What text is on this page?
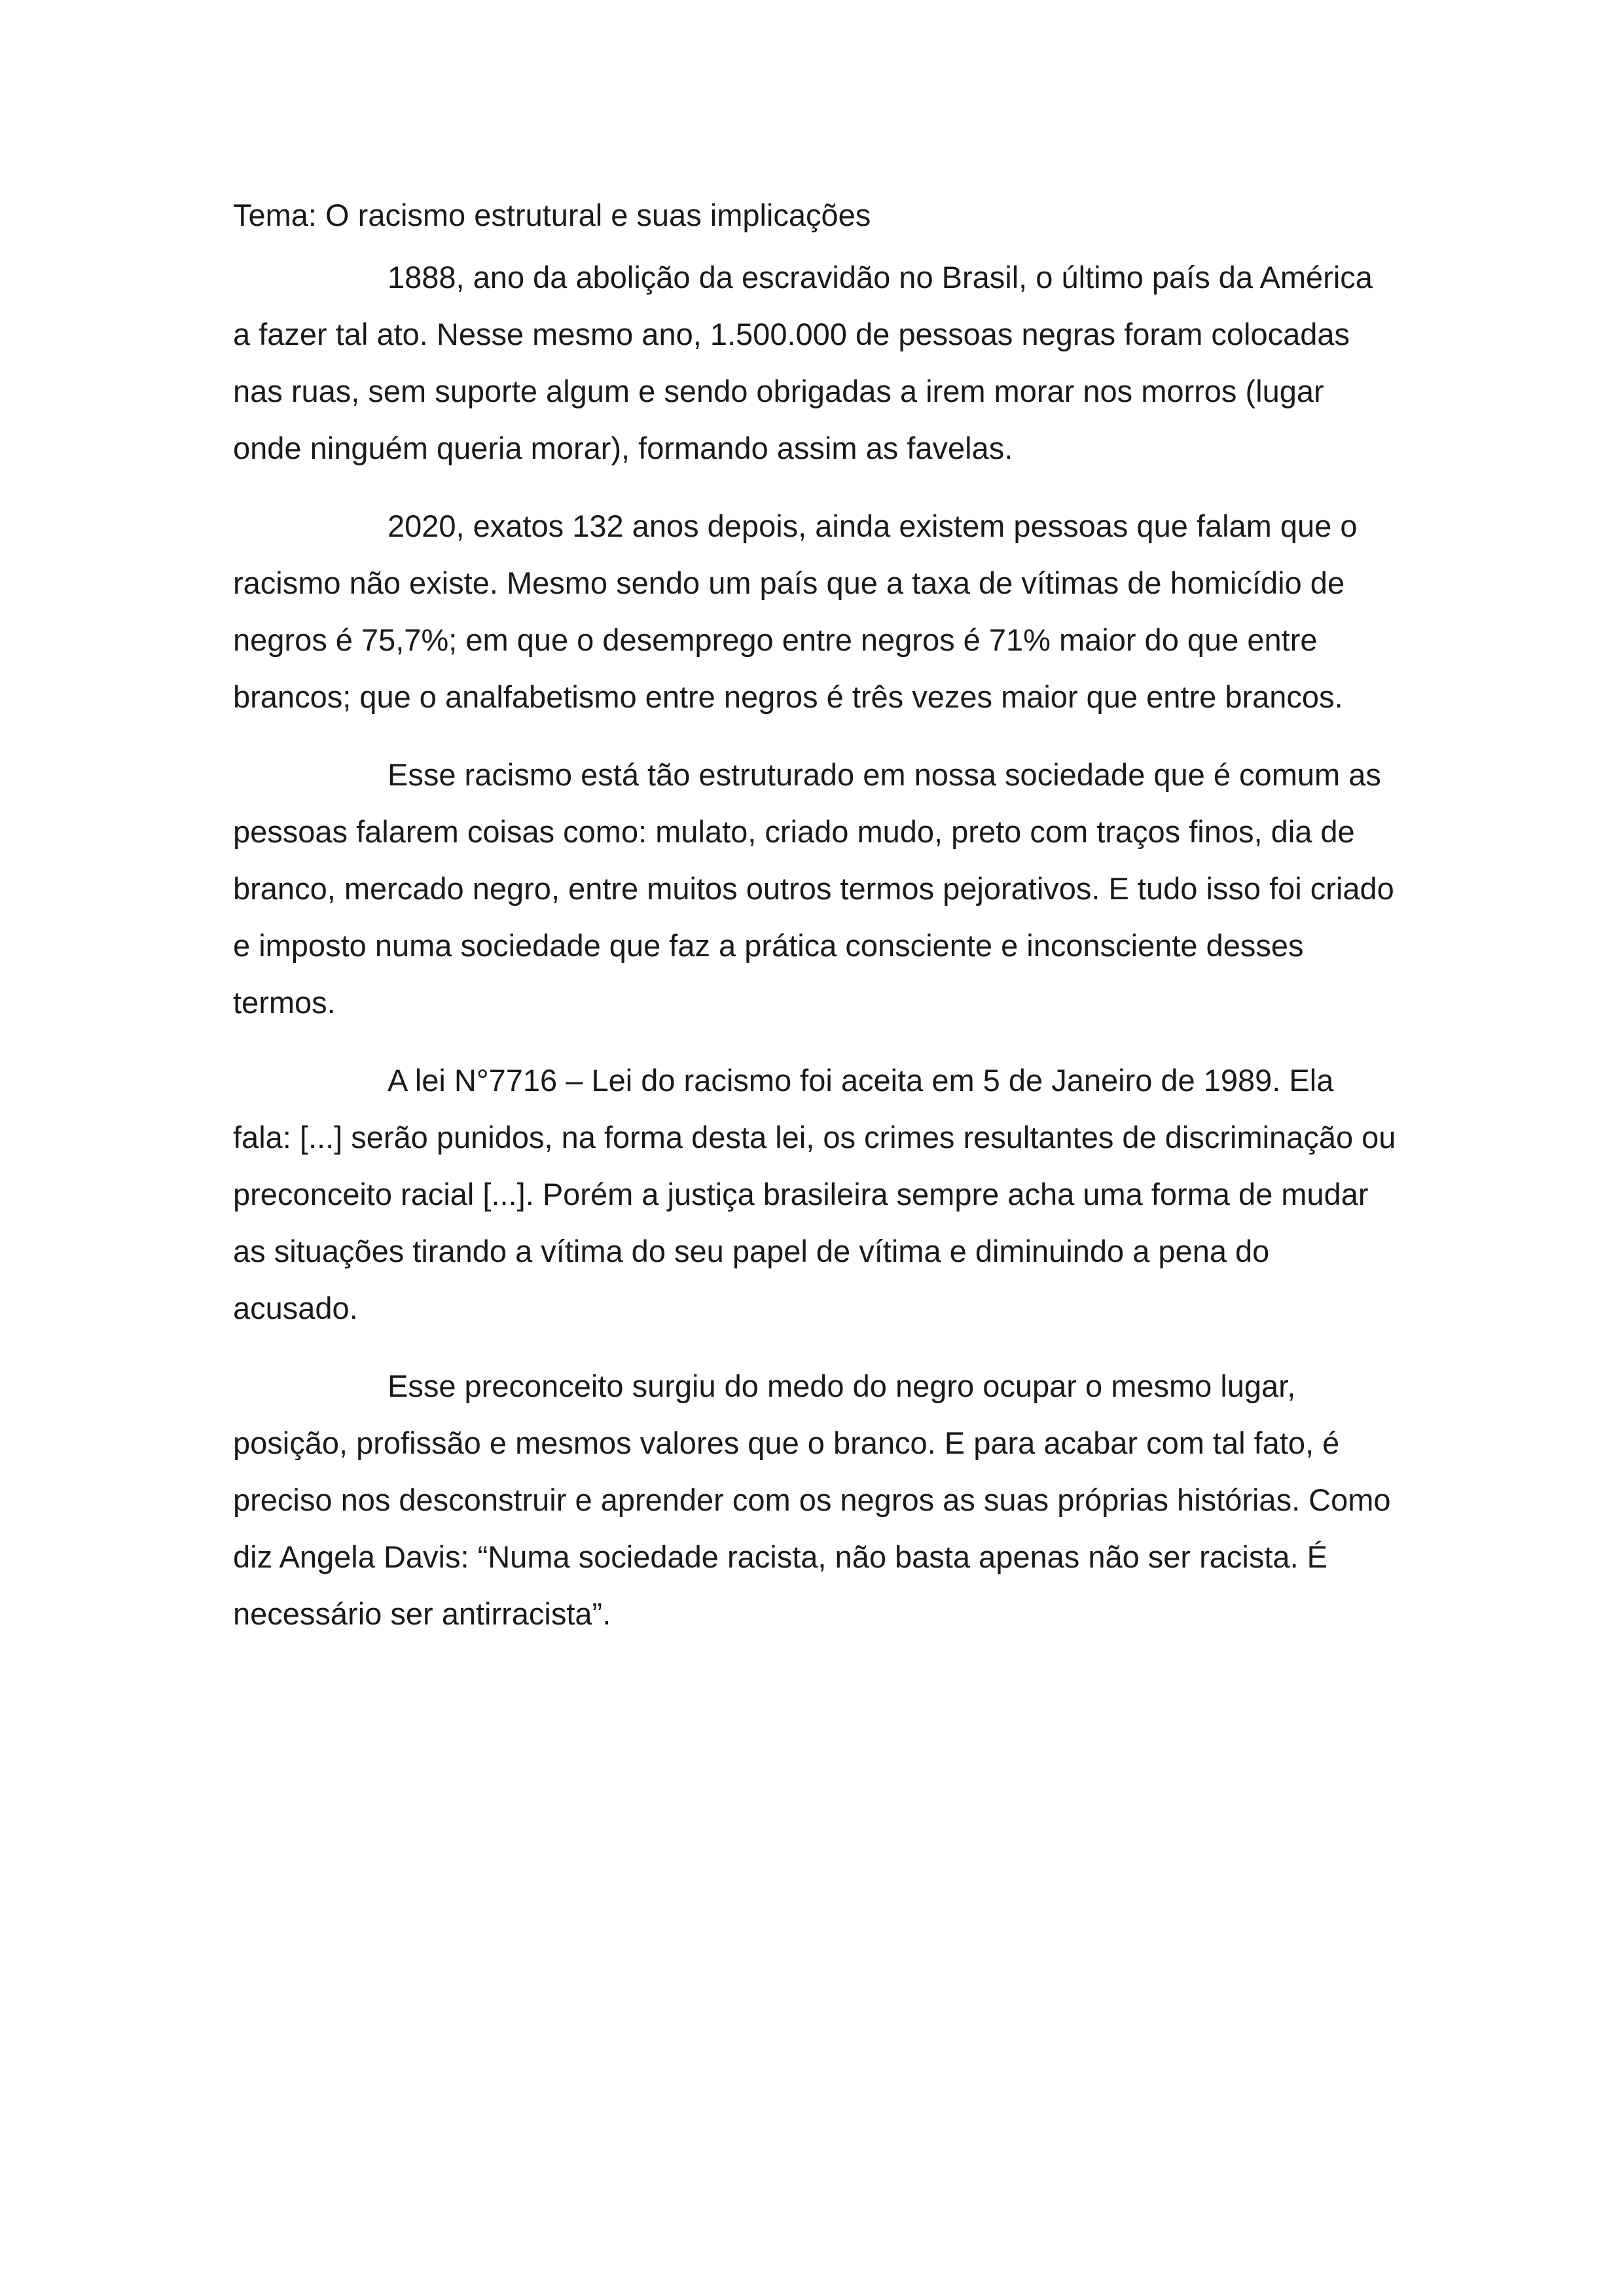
Tema: O racismo estrutural e suas implicações

1888, ano da abolição da escravidão no Brasil, o último país da América a fazer tal ato. Nesse mesmo ano, 1.500.000 de pessoas negras foram colocadas nas ruas, sem suporte algum e sendo obrigadas a irem morar nos morros (lugar onde ninguém queria morar), formando assim as favelas.

2020, exatos 132 anos depois, ainda existem pessoas que falam que o racismo não existe. Mesmo sendo um país que a taxa de vítimas de homicídio de negros é 75,7%; em que o desemprego entre negros é 71% maior do que entre brancos; que o analfabetismo entre negros é três vezes maior que entre brancos.

Esse racismo está tão estruturado em nossa sociedade que é comum as pessoas falarem coisas como: mulato, criado mudo, preto com traços finos, dia de branco, mercado negro, entre muitos outros termos pejorativos. E tudo isso foi criado e imposto numa sociedade que faz a prática consciente e inconsciente desses termos.

A lei N°7716 – Lei do racismo foi aceita em 5 de Janeiro de 1989. Ela fala: [...] serão punidos, na forma desta lei, os crimes resultantes de discriminação ou preconceito racial [...]. Porém a justiça brasileira sempre acha uma forma de mudar as situações tirando a vítima do seu papel de vítima e diminuindo a pena do acusado.

Esse preconceito surgiu do medo do negro ocupar o mesmo lugar, posição, profissão e mesmos valores que o branco. E para acabar com tal fato, é preciso nos desconstruir e aprender com os negros as suas próprias histórias. Como diz Angela Davis: “Numa sociedade racista, não basta apenas não ser racista. É necessário ser antirracista”.
